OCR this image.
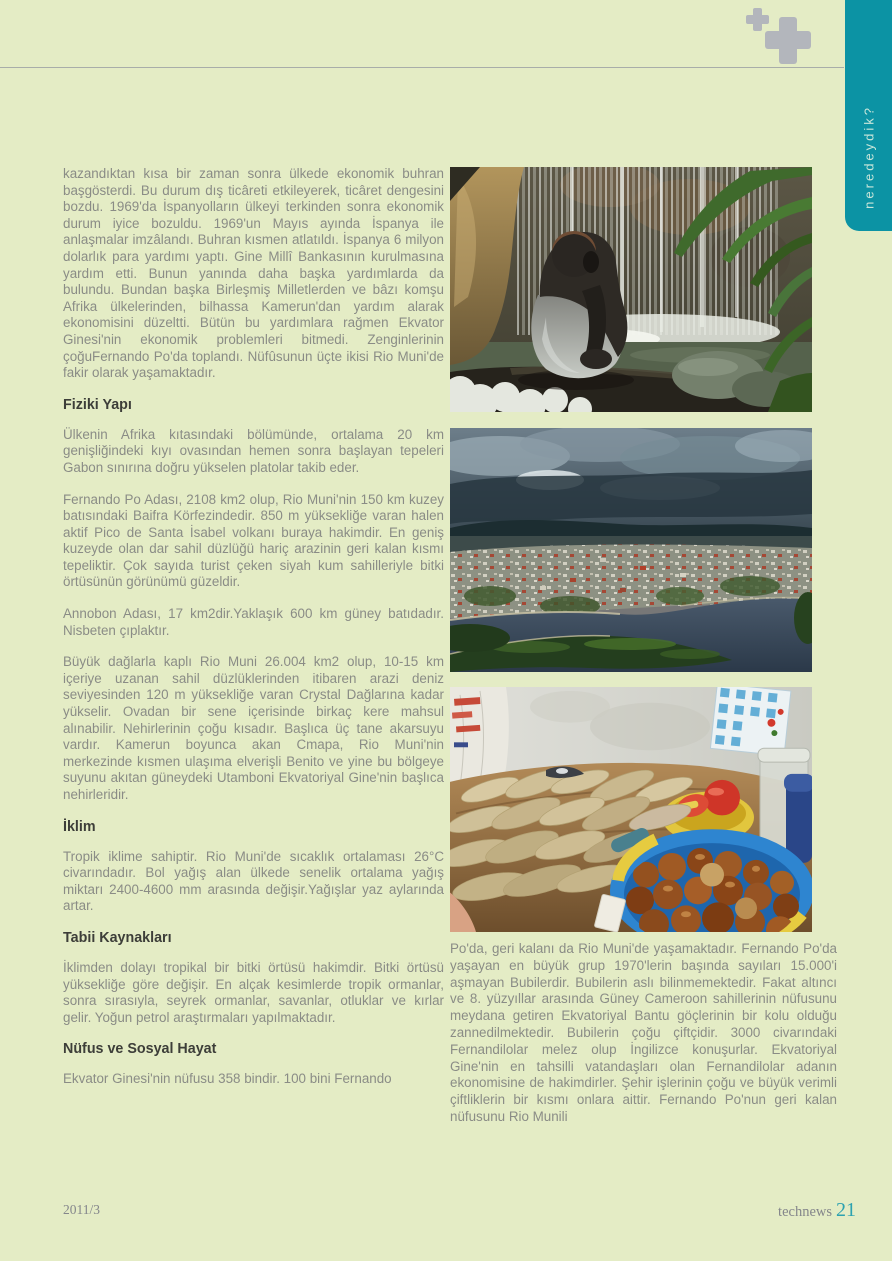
neredeydik?

kazandıktan kısa bir zaman sonra ülkede ekonomik buhran başgösterdi. Bu durum dış ticâreti etkileyerek, ticâret dengesini bozdu. 1969'da İspanyolların ülkeyi terkinden sonra ekonomik durum iyice bozuldu. 1969'un Mayıs ayında İspanya ile anlaşmalar imzâlandı. Buhran kısmen atlatıldı. İspanya 6 milyon dolarlık para yardımı yaptı. Gine Millî Bankasının kurulmasına yardım etti. Bunun yanında daha başka yardımlarda da bulundu. Bundan başka Birleşmiş Milletlerden ve bâzı komşu Afrika ülkelerinden, bilhassa Kamerun'dan yardım alarak ekonomisini düzeltti. Bütün bu yardımlara rağmen Ekvator Ginesi'nin ekonomik problemleri bitmedi. Zenginlerinin çoğuFernando Po'da toplandı. Nüfûsunun üçte ikisi Rio Muni'de fakir olarak yaşamaktadır.

Fiziki Yapı

Ülkenin Afrika kıtasındaki bölümünde, ortalama 20 km genişliğindeki kıyı ovasından hemen sonra başlayan tepeleri Gabon sınırına doğru yükselen platolar takib eder.

Fernando Po Adası, 2108 km2 olup, Rio Muni'nin 150 km kuzey batısındaki Baifra Körfezindedir. 850 m yüksekliğe varan halen aktif Pico de Santa İsabel volkanı buraya hakimdir. En geniş kuzeyde olan dar sahil düzlüğü hariç arazinin geri kalan kısmı tepeliktir. Çok sayıda turist çeken siyah kum sahilleriyle bitki örtüsünün görünümü güzeldir.

Annobon Adası, 17 km2dir.Yaklaşık 600 km güney batıdadır. Nisbeten çıplaktır.

Büyük dağlarla kaplı Rio Muni 26.004 km2 olup, 10-15 km içeriye uzanan sahil düzlüklerinden itibaren arazi deniz seviyesinden 120 m yüksekliğe varan Crystal Dağlarına kadar yükselir. Ovadan bir sene içerisinde birkaç kere mahsul alınabilir. Nehirlerinin çoğu kısadır. Başlıca üç tane akarsuyu vardır. Kamerun boyunca akan Cmapa, Rio Muni'nin merkezinde kısmen ulaşıma elverişli Benito ve yine bu bölgeye suyunu akıtan güneydeki Utamboni Ekvatoriyal Gine'nin başlıca nehirleridir.

İklim

Tropik iklime sahiptir. Rio Muni'de sıcaklık ortalaması 26°C civarındadır. Bol yağış alan ülkede senelik ortalama yağış miktarı 2400-4600 mm arasında değişir.Yağışlar yaz aylarında artar.

Tabii Kaynakları

İklimden dolayı tropikal bir bitki örtüsü hakimdir. Bitki örtüsü yüksekliğe göre değişir. En alçak kesimlerde tropik ormanlar, sonra sırasıyla, seyrek ormanlar, savanlar, otluklar ve kırlar gelir. Yoğun petrol araştırmaları yapılmaktadır.

Nüfus ve Sosyal Hayat

Ekvator Ginesi'nin nüfusu 358 bindir. 100 bini Fernando

Po'da, geri kalanı da Rio Muni'de yaşamaktadır. Fernando Po'da yaşayan en büyük grup 1970'lerin başında sayıları 15.000'i aşmayan Bubilerdir. Bubilerin aslı bilinmemektedir. Fakat altıncı ve 8. yüzyıllar arasında Güney Cameroon sahillerinin nüfusunu meydana getiren Ekvatoriyal Bantu göçlerinin bir kolu olduğu zannedilmektedir. Bubilerin çoğu çiftçidir. 3000 civarındaki Fernandilolar melez olup İngilizce konuşurlar. Ekvatoriyal Gine'nin en tahsilli vatandaşları olan Fernandilolar adanın ekonomisine de hakimdirler. Şehir işlerinin çoğu ve büyük verimli çiftliklerin bir kısmı onlara aittir. Fernando Po'nun geri kalan nüfusunu Rio Munili

2011/3	technews 21
